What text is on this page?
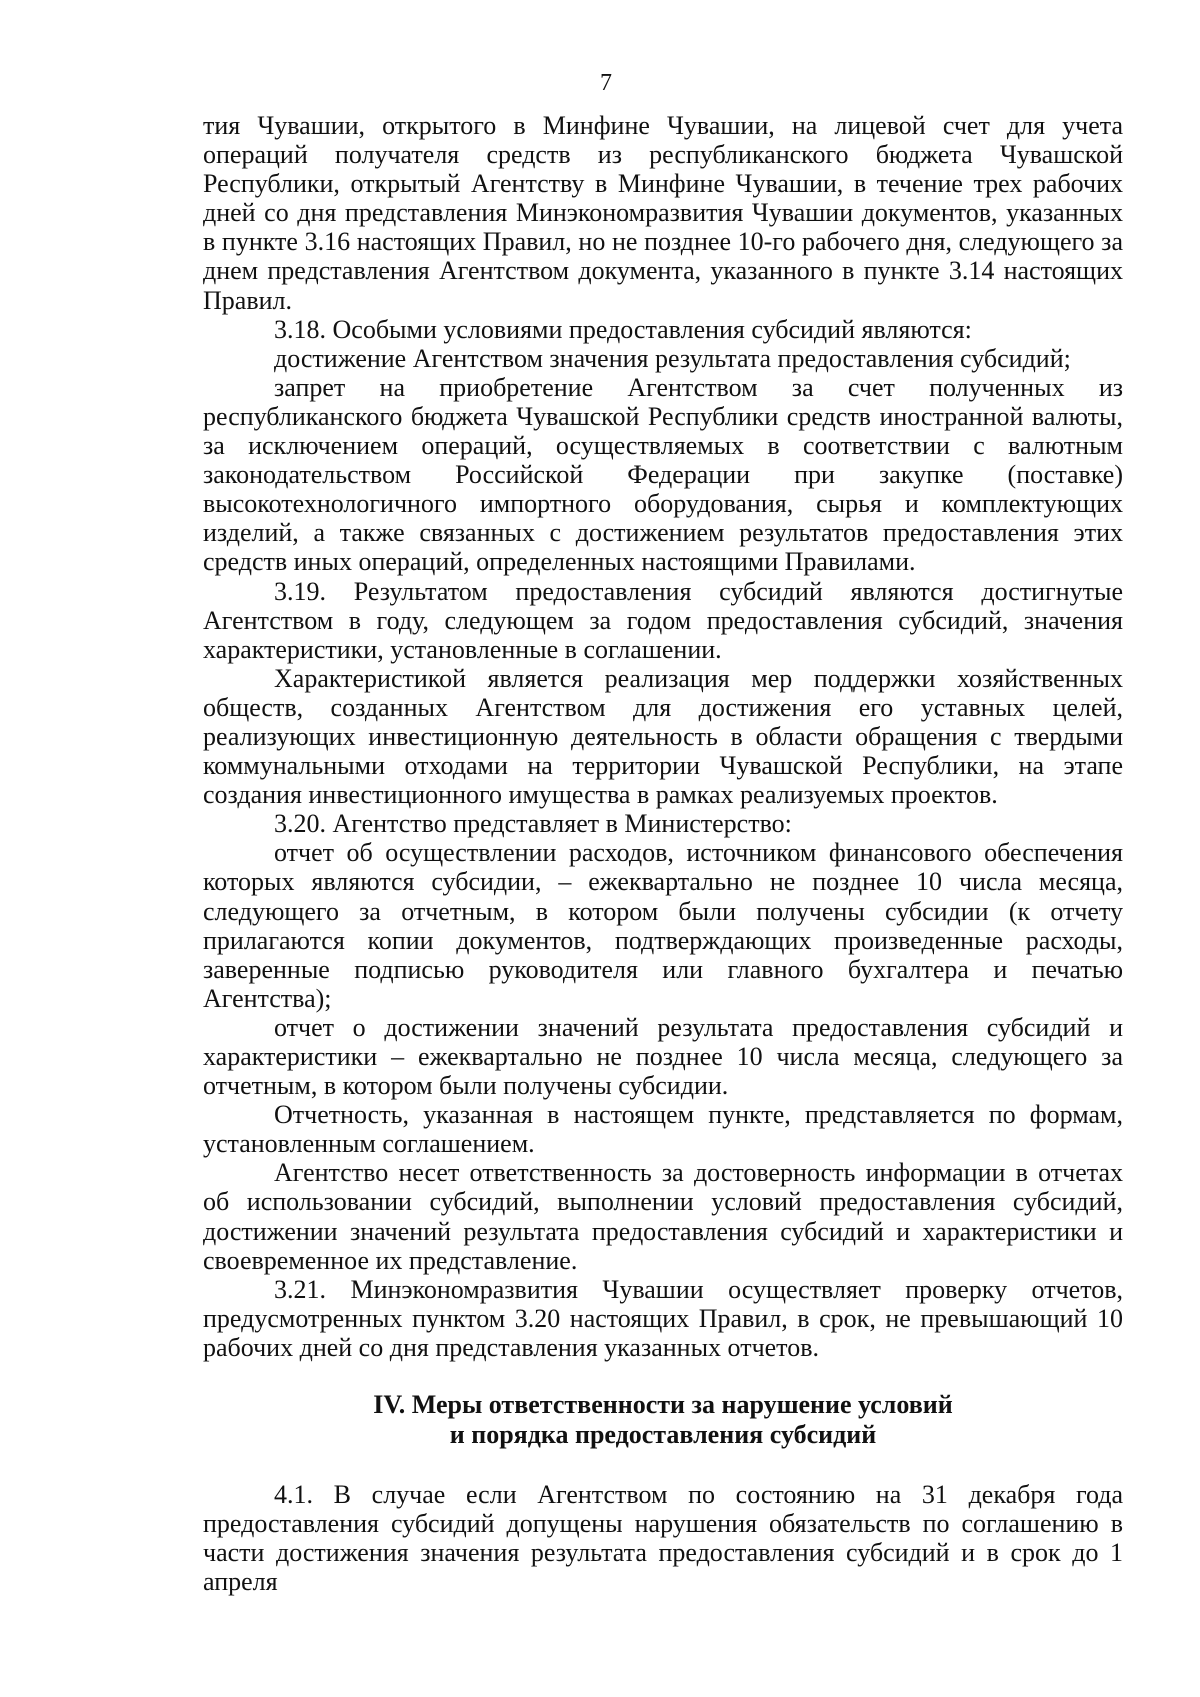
7

тия Чувашии, открытого в Минфине Чувашии, на лицевой счет для учета операций получателя средств из республиканского бюджета Чувашской Республики, открытый Агентству в Минфине Чувашии, в течение трех рабочих дней со дня представления Минэкономразвития Чувашии документов, указанных в пункте 3.16 настоящих Правил, но не позднее 10-го рабочего дня, следующего за днем представления Агентством документа, указанного в пункте 3.14 настоящих Правил.

3.18. Особыми условиями предоставления субсидий являются:

достижение Агентством значения результата предоставления субсидий;

запрет на приобретение Агентством за счет полученных из республиканского бюджета Чувашской Республики средств иностранной валюты, за исключением операций, осуществляемых в соответствии с валютным законодательством Российской Федерации при закупке (поставке) высокотехнологичного импортного оборудования, сырья и комплектующих изделий, а также связанных с достижением результатов предоставления этих средств иных операций, определенных настоящими Правилами.

3.19. Результатом предоставления субсидий являются достигнутые Агентством в году, следующем за годом предоставления субсидий, значения характеристики, установленные в соглашении.

Характеристикой является реализация мер поддержки хозяйственных обществ, созданных Агентством для достижения его уставных целей, реализующих инвестиционную деятельность в области обращения с твердыми коммунальными отходами на территории Чувашской Республики, на этапе создания инвестиционного имущества в рамках реализуемых проектов.

3.20. Агентство представляет в Министерство:

отчет об осуществлении расходов, источником финансового обеспечения которых являются субсидии, – ежеквартально не позднее 10 числа месяца, следующего за отчетным, в котором были получены субсидии (к отчету прилагаются копии документов, подтверждающих произведенные расходы, заверенные подписью руководителя или главного бухгалтера и печатью Агентства);

отчет о достижении значений результата предоставления субсидий и характеристики – ежеквартально не позднее 10 числа месяца, следующего за отчетным, в котором были получены субсидии.

Отчетность, указанная в настоящем пункте, представляется по формам, установленным соглашением.

Агентство несет ответственность за достоверность информации в отчетах об использовании субсидий, выполнении условий предоставления субсидий, достижении значений результата предоставления субсидий и характеристики и своевременное их представление.

3.21. Минэкономразвития Чувашии осуществляет проверку отчетов, предусмотренных пунктом 3.20 настоящих Правил, в срок, не превышающий 10 рабочих дней со дня представления указанных отчетов.

IV. Меры ответственности за нарушение условий
и порядка предоставления субсидий

4.1. В случае если Агентством по состоянию на 31 декабря года предоставления субсидий допущены нарушения обязательств по соглашению в части достижения значения результата предоставления субсидий и в срок до 1 апреля
